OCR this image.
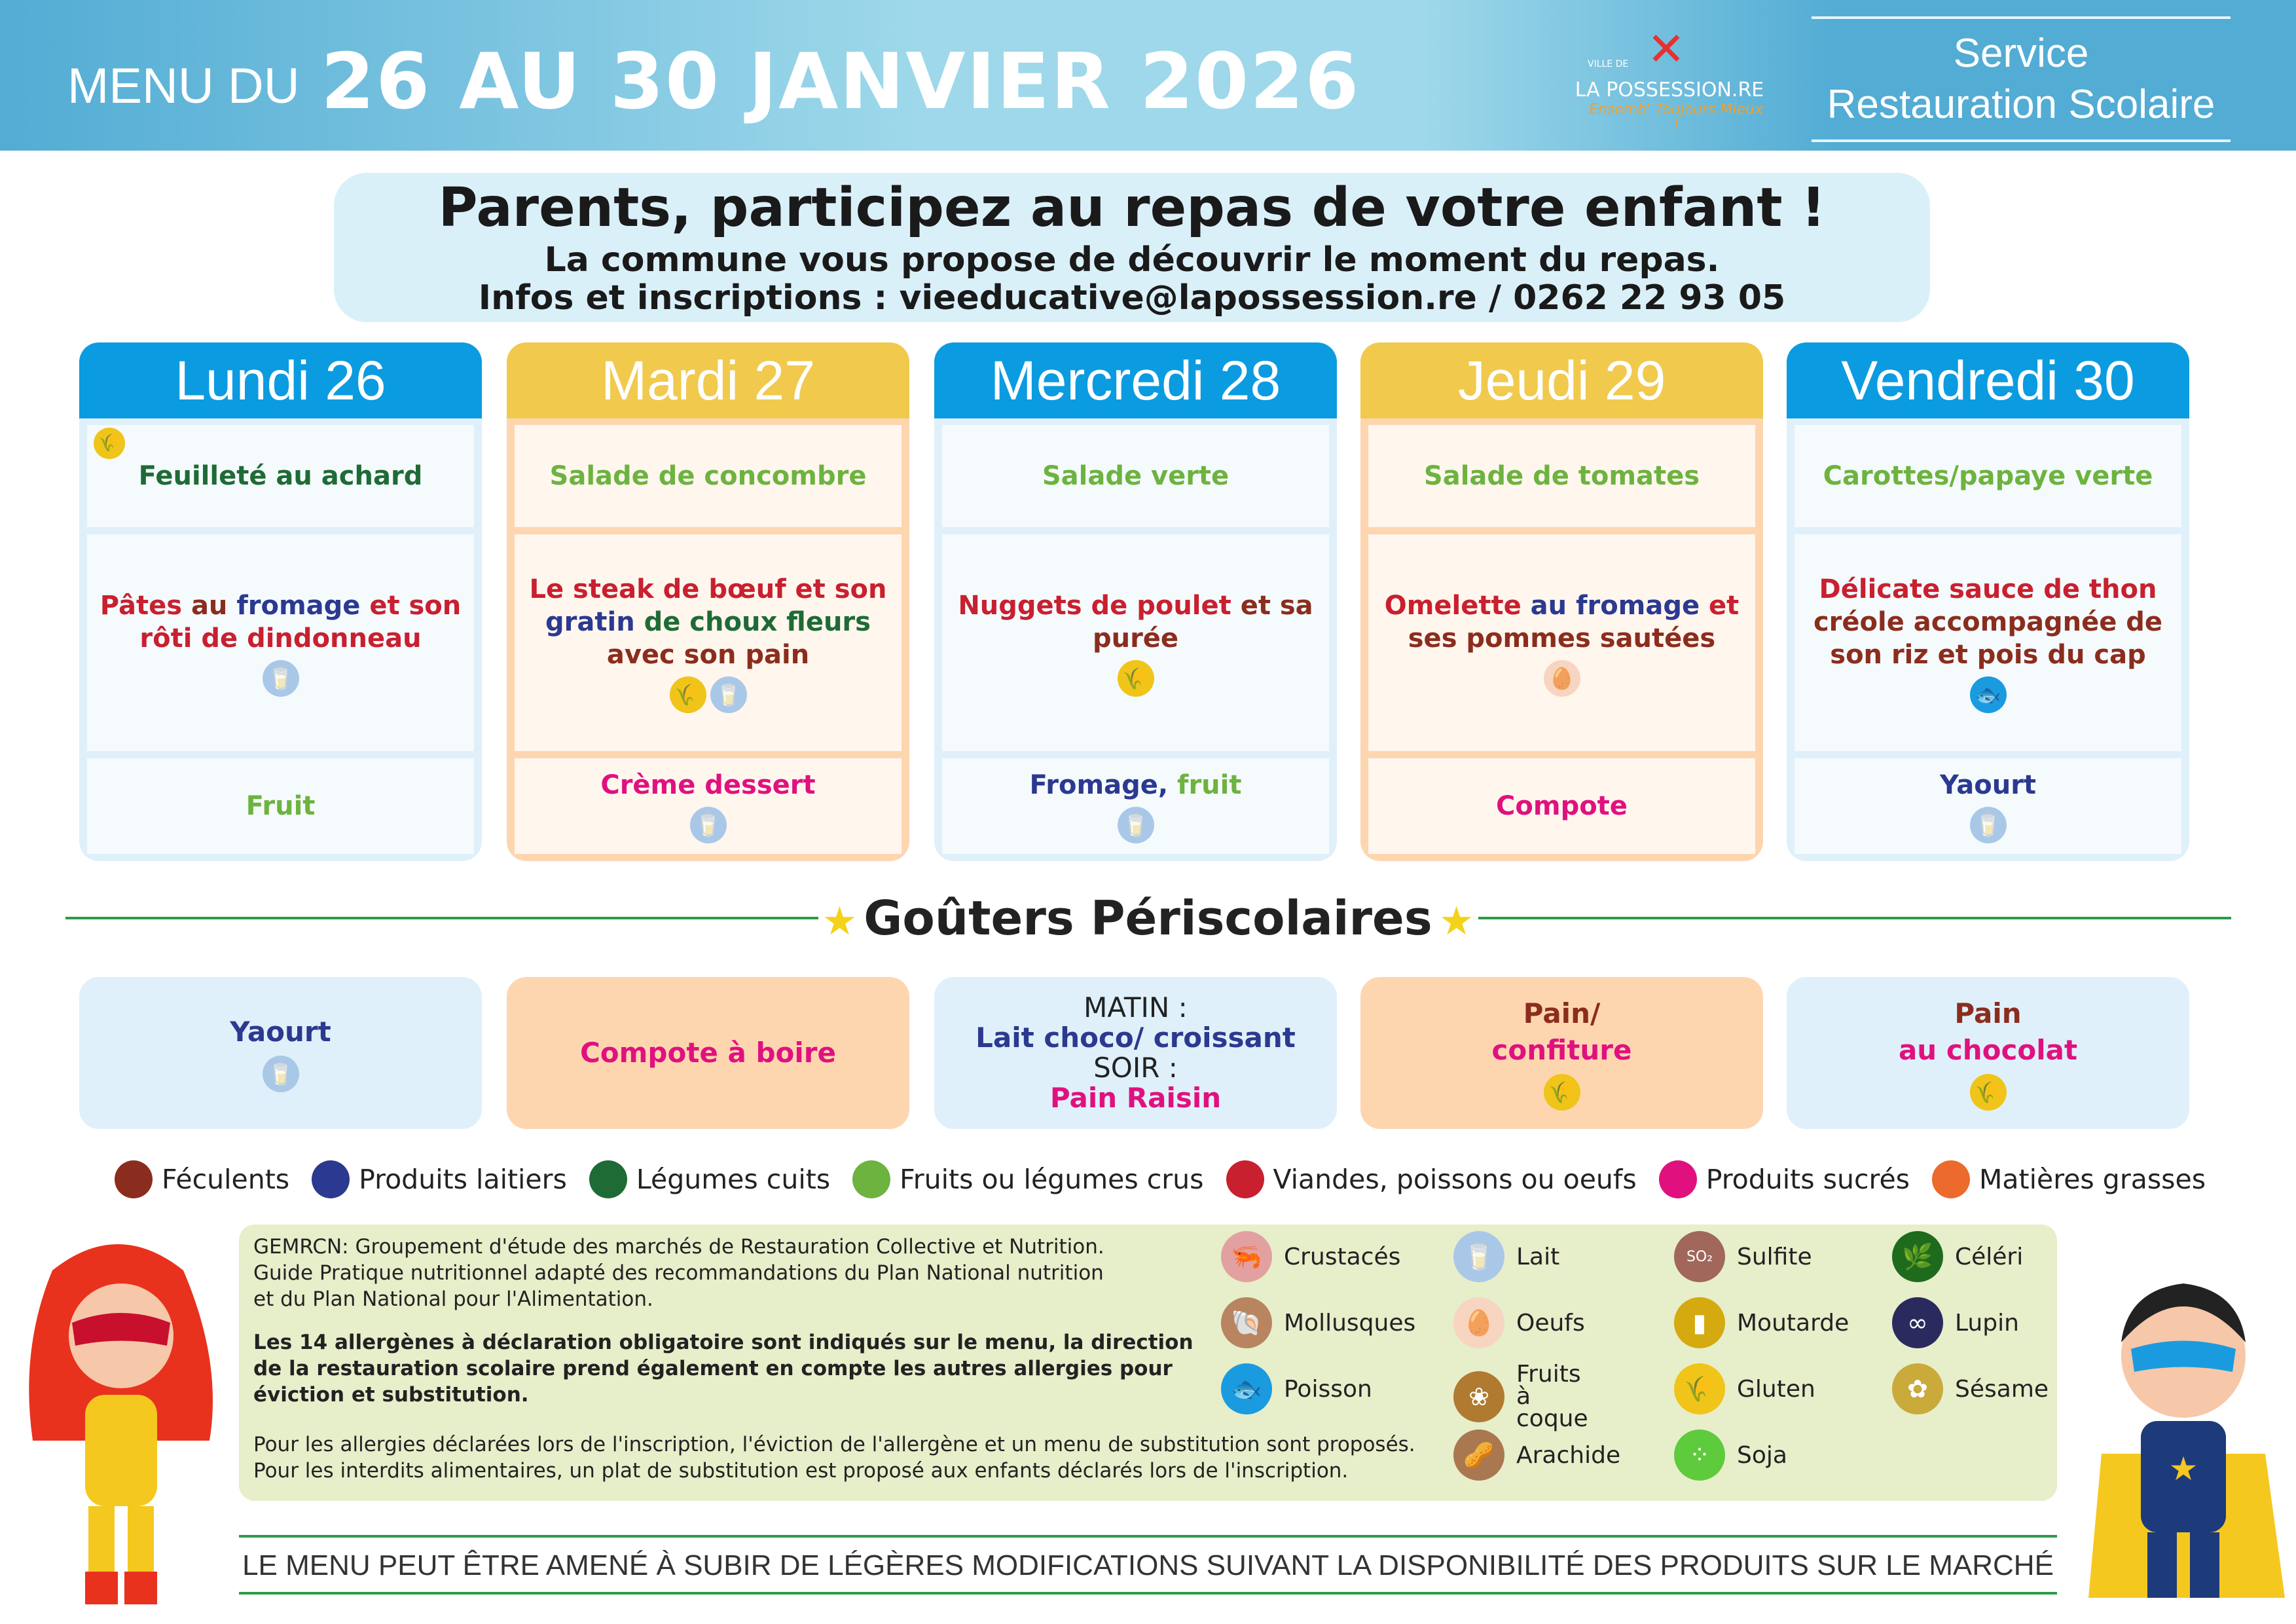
MENU DU 26 AU 30 JANVIER 2026	✕
VILLE DE
LA POSSESSION.RE
Ensemb' Toujours Mieux !
Service
Restauration Scolaire
Parents, participez au repas de votre enfant !
La commune vous propose de découvrir le moment du repas.
Infos et inscriptions : vieeducative@lapossession.re / 0262 22 93 05
Lundi 26
Feuilleté au achard
🌾
Pâtes au fromage et son rôti de dindonneau
🥛
Fruit
Mardi 27
Salade de concombre
Le steak de bœuf et son gratin de choux fleurs avec son pain
🌾 🥛
Crème dessert
🥛
Mercredi 28
Salade verte
Nuggets de poulet et sa purée
🌾
Fromage, fruit
🥛
Jeudi 29
Salade de tomates
Omelette au fromage et ses pommes sautées
🥚
Compote
Vendredi 30
Carottes/papaye verte
Délicate sauce de thon créole accompagnée de son riz et pois du cap
🐟
Yaourt
🥛
★ Goûters Périscolaires ★
Yaourt
🥛
Compote à boire
MATIN :
Lait choco/ croissant
SOIR :
Pain Raisin
Pain/
confiture
🌾
Pain
au chocolat
🌾
Féculents	Produits laitiers	Légumes cuits	Fruits ou légumes crus	Viandes, poissons ou oeufs	Produits sucrés	Matières grasses
GEMRCN: Groupement d'étude des marchés de Restauration Collective et Nutrition.
Guide Pratique nutritionnel adapté des recommandations du Plan National nutrition
et du Plan National pour l'Alimentation.
Les 14 allergènes à déclaration obligatoire sont indiqués sur le menu, la direction
de la restauration scolaire prend également en compte les autres allergies pour
éviction et substitution.
Pour les allergies déclarées lors de l'inscription, l'éviction de l'allergène et un menu de substitution sont proposés.
Pour les interdits alimentaires, un plat de substitution est proposé aux enfants déclarés lors de l'inscription.
🦐 Crustacés	🥛 Lait	SO₂	Sulfite	🌿 Céléri
🐚 Mollusques	🥚 Oeufs	▮	Moutarde	∞	Lupin
🐟 Poisson	❀
Fruits à coque
🌾 Gluten	✿	Sésame
🥜 Arachide	⁘	Soja
LE MENU PEUT ÊTRE AMENÉ À SUBIR DE LÉGÈRES MODIFICATIONS SUIVANT LA DISPONIBILITÉ DES PRODUITS SUR LE MARCHÉ
★
